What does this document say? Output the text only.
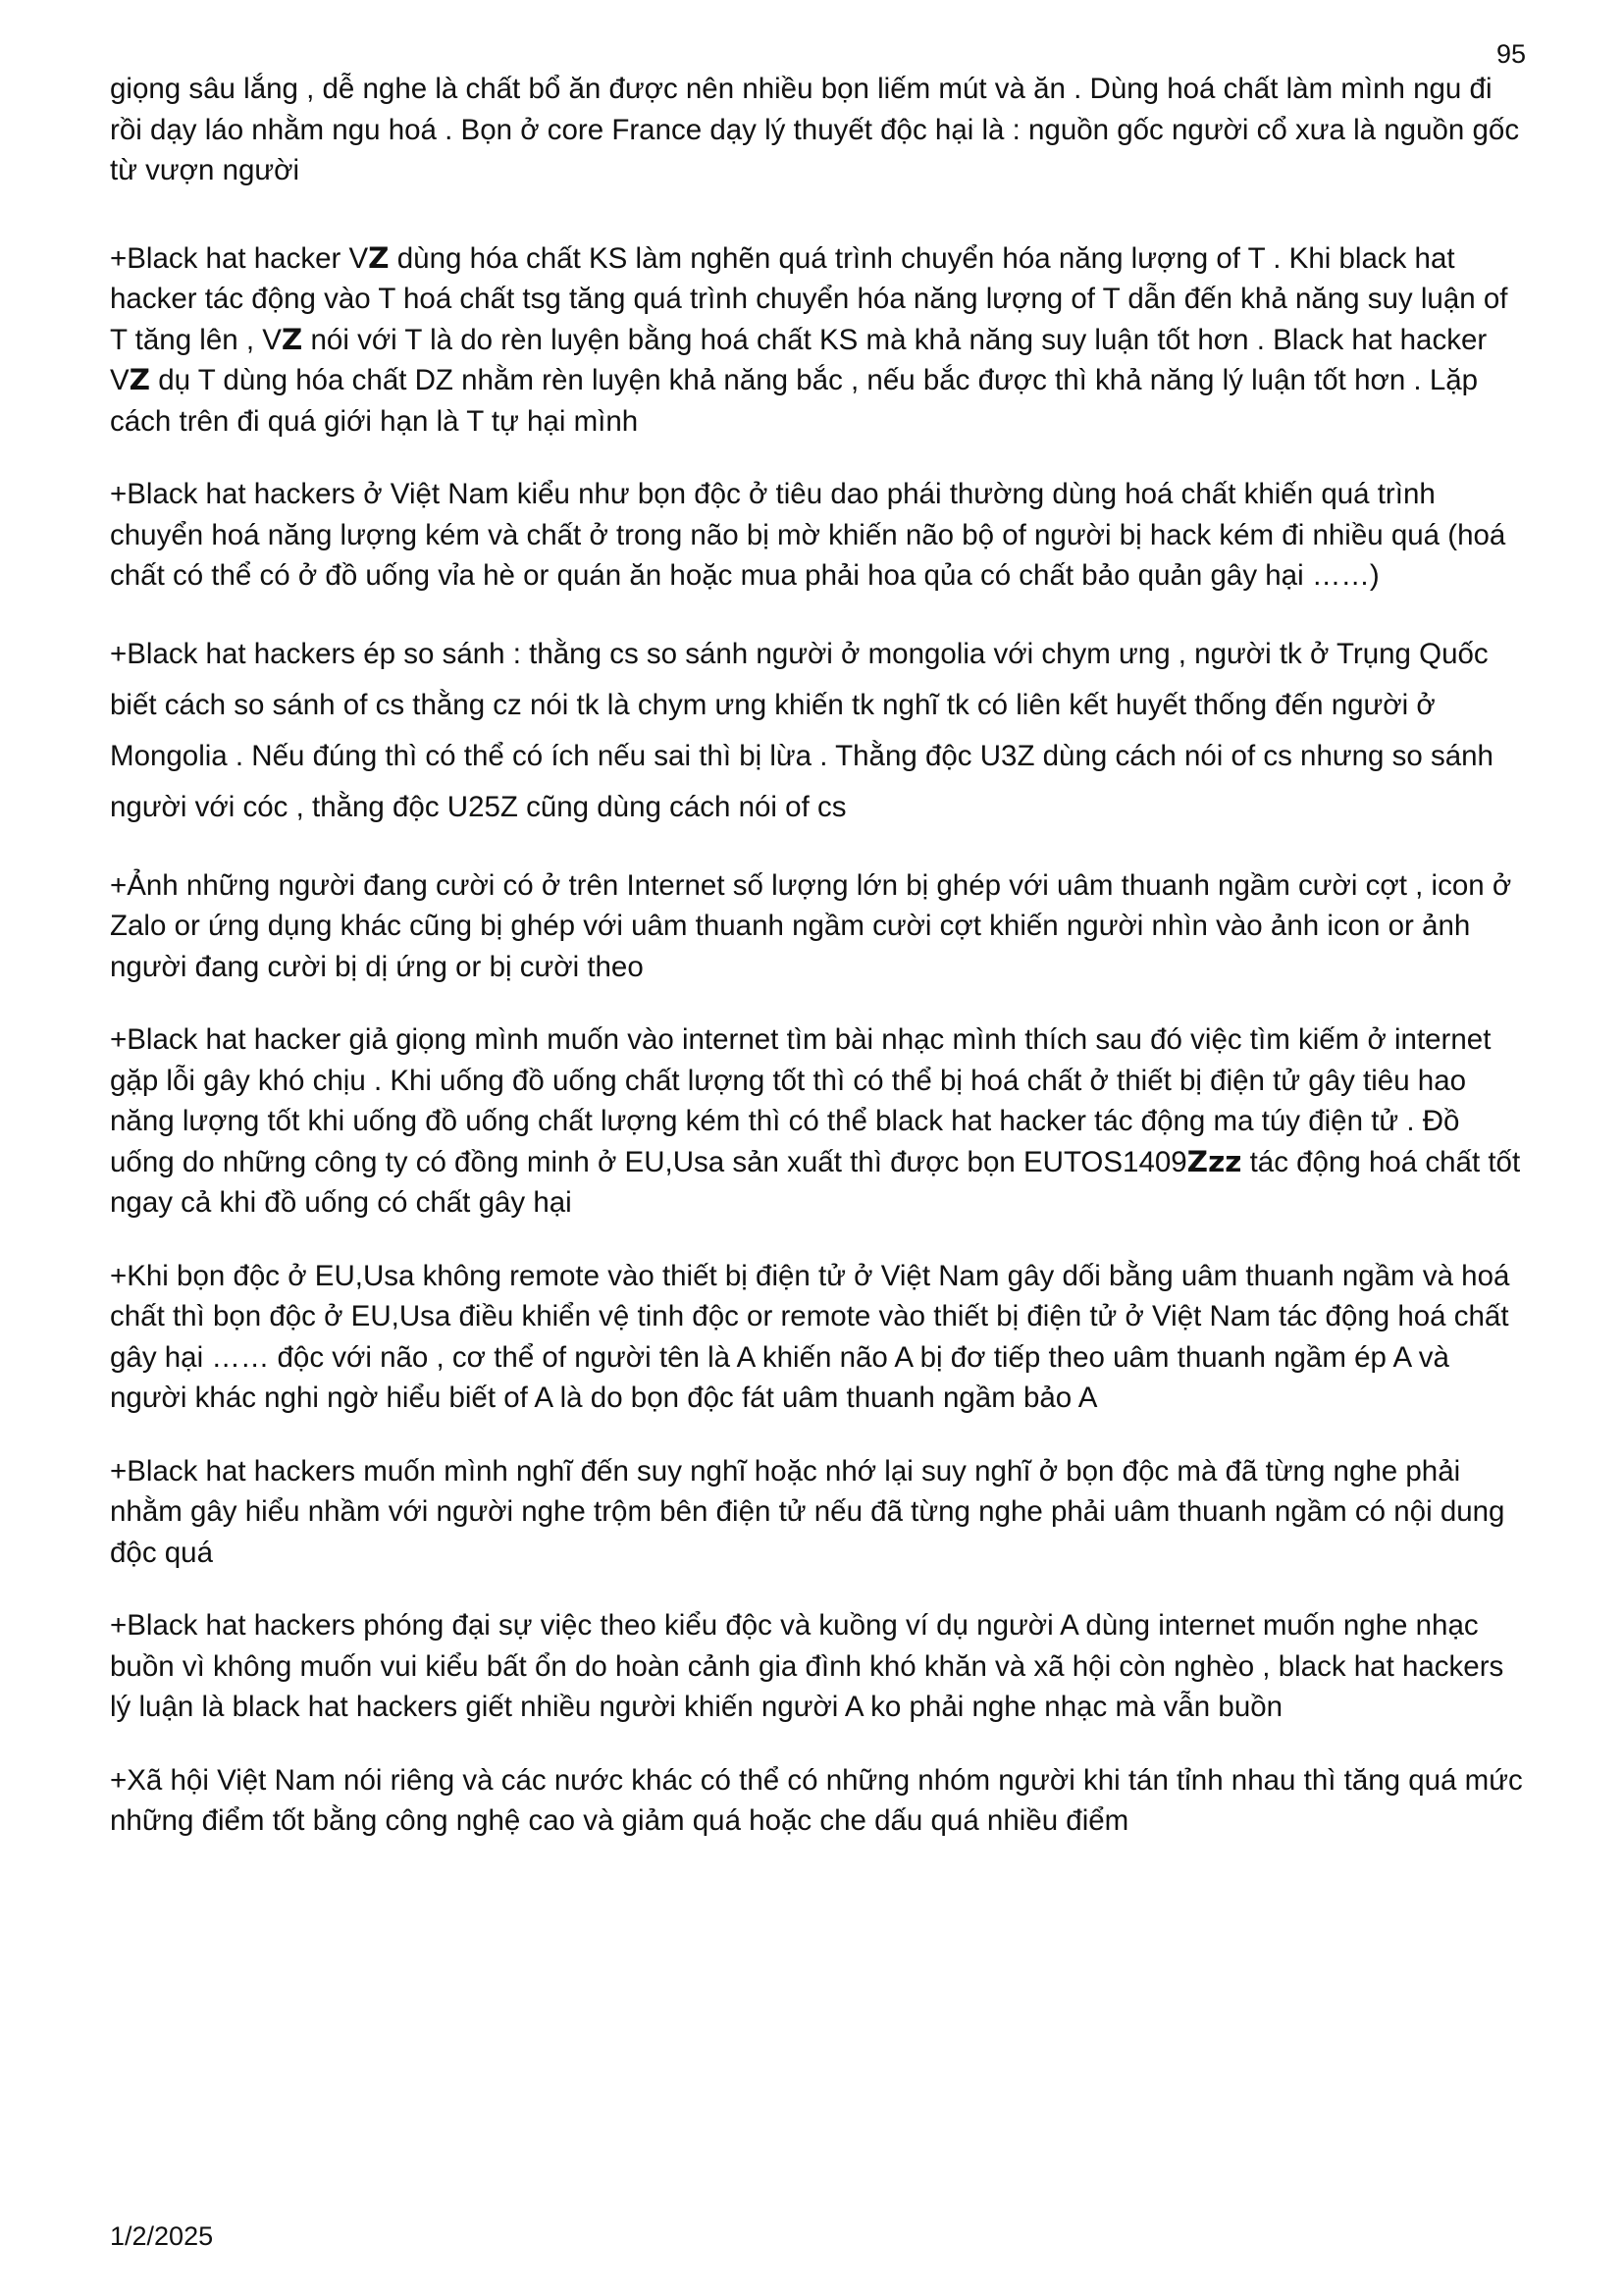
95

giọng sâu lắng , dễ nghe là chất bổ ăn được nên nhiều bọn liếm mút và ăn . Dùng hoá chất làm mình ngu đi rồi dạy láo nhằm ngu hoá . Bọn ở core France dạy lý thuyết độc hại là : nguồn gốc người cổ xưa là nguồn gốc từ vượn người

+Black hat hacker V𝗭 dùng hóa chất KS làm nghẽn quá trình chuyển hóa năng lượng of T . Khi black hat hacker tác động vào T hoá chất tsg tăng quá trình chuyển hóa năng lượng of T dẫn đến khả năng suy luận of T tăng lên , V𝗭 nói với T là do rèn luyện bằng hoá chất KS mà khả năng suy luận tốt hơn . Black hat hacker V𝗭 dụ T dùng hóa chất DZ nhằm rèn luyện khả năng bắc , nếu bắc được thì khả năng lý luận tốt hơn . Lặp cách trên đi quá giới hạn là T tự hại mình

+Black hat hackers ở Việt Nam kiểu như bọn độc ở tiêu dao phái thường dùng hoá chất khiến quá trình chuyển hoá năng lượng kém và chất ở trong não bị mờ khiến não bộ of người bị hack kém đi nhiều quá (hoá chất có thể có ở đồ uống vỉa hè or quán ăn hoặc mua phải hoa qủa có chất bảo quản gây hại ……)

+Black hat hackers ép so sánh : thằng cs so sánh người ở mongolia với chym ưng , người tk ở Trụng Quốc biết cách so sánh of cs thằng cz nói tk là chym ưng khiến tk nghĩ tk có liên kết huyết thống đến người ở Mongolia . Nếu đúng thì có thể có ích nếu sai thì bị lừa . Thằng độc U3Z dùng cách nói of cs nhưng so sánh người với cóc , thằng độc U25Z cũng dùng cách nói of cs

+Ảnh những người đang cười có ở trên Internet số lượng lớn bị ghép với uâm thuanh ngầm cười cợt , icon ở Zalo or ứng dụng khác cũng bị ghép với uâm thuanh ngầm cười cợt khiến người nhìn vào ảnh icon or ảnh người đang cười bị dị ứng or bị cười theo

+Black hat hacker giả giọng mình muốn vào internet tìm bài nhạc mình thích sau đó việc tìm kiếm ở internet gặp lỗi gây khó chịu . Khi uống đồ uống chất lượng tốt thì có thể bị hoá chất ở thiết bị điện tử gây tiêu hao năng lượng tốt khi uống đồ uống chất lượng kém thì có thể black hat hacker tác động ma túy điện tử . Đồ uống do những công ty có đồng minh ở EU,Usa sản xuất thì được bọn EUTOS1409𝗭𝘇𝘇 tác động hoá chất tốt ngay cả khi đồ uống có chất gây hại

+Khi bọn độc ở EU,Usa không remote vào thiết bị điện tử ở Việt Nam gây dối bằng uâm thuanh ngầm và hoá chất thì bọn độc ở EU,Usa điều khiển vệ tinh độc or remote vào thiết bị điện tử ở Việt Nam tác động hoá chất gây hại …… độc với não , cơ thể of người tên là A khiến não A bị đơ tiếp theo uâm thuanh ngầm ép A và người khác nghi ngờ hiểu biết of A là do bọn độc fát uâm thuanh ngầm bảo A

+Black hat hackers muốn mình nghĩ đến suy nghĩ hoặc nhớ lại suy nghĩ ở bọn độc mà đã từng nghe phải nhằm gây hiểu nhầm với người nghe trộm bên điện tử nếu đã từng nghe phải uâm thuanh ngầm có nội dung độc quá

+Black hat hackers phóng đại sự việc theo kiểu độc và kuồng ví dụ người A dùng internet muốn nghe nhạc buồn vì không muốn vui kiểu bất ổn do hoàn cảnh gia đình khó khăn và xã hội còn nghèo , black hat hackers lý luận là black hat hackers giết nhiều người khiến người A ko phải nghe nhạc mà vẫn buồn

+Xã hội Việt Nam nói riêng và các nước khác có thể có những nhóm người khi tán tỉnh nhau thì tăng quá mức những điểm tốt bằng công nghệ cao và giảm quá hoặc che dấu quá nhiều điểm

1/2/2025
